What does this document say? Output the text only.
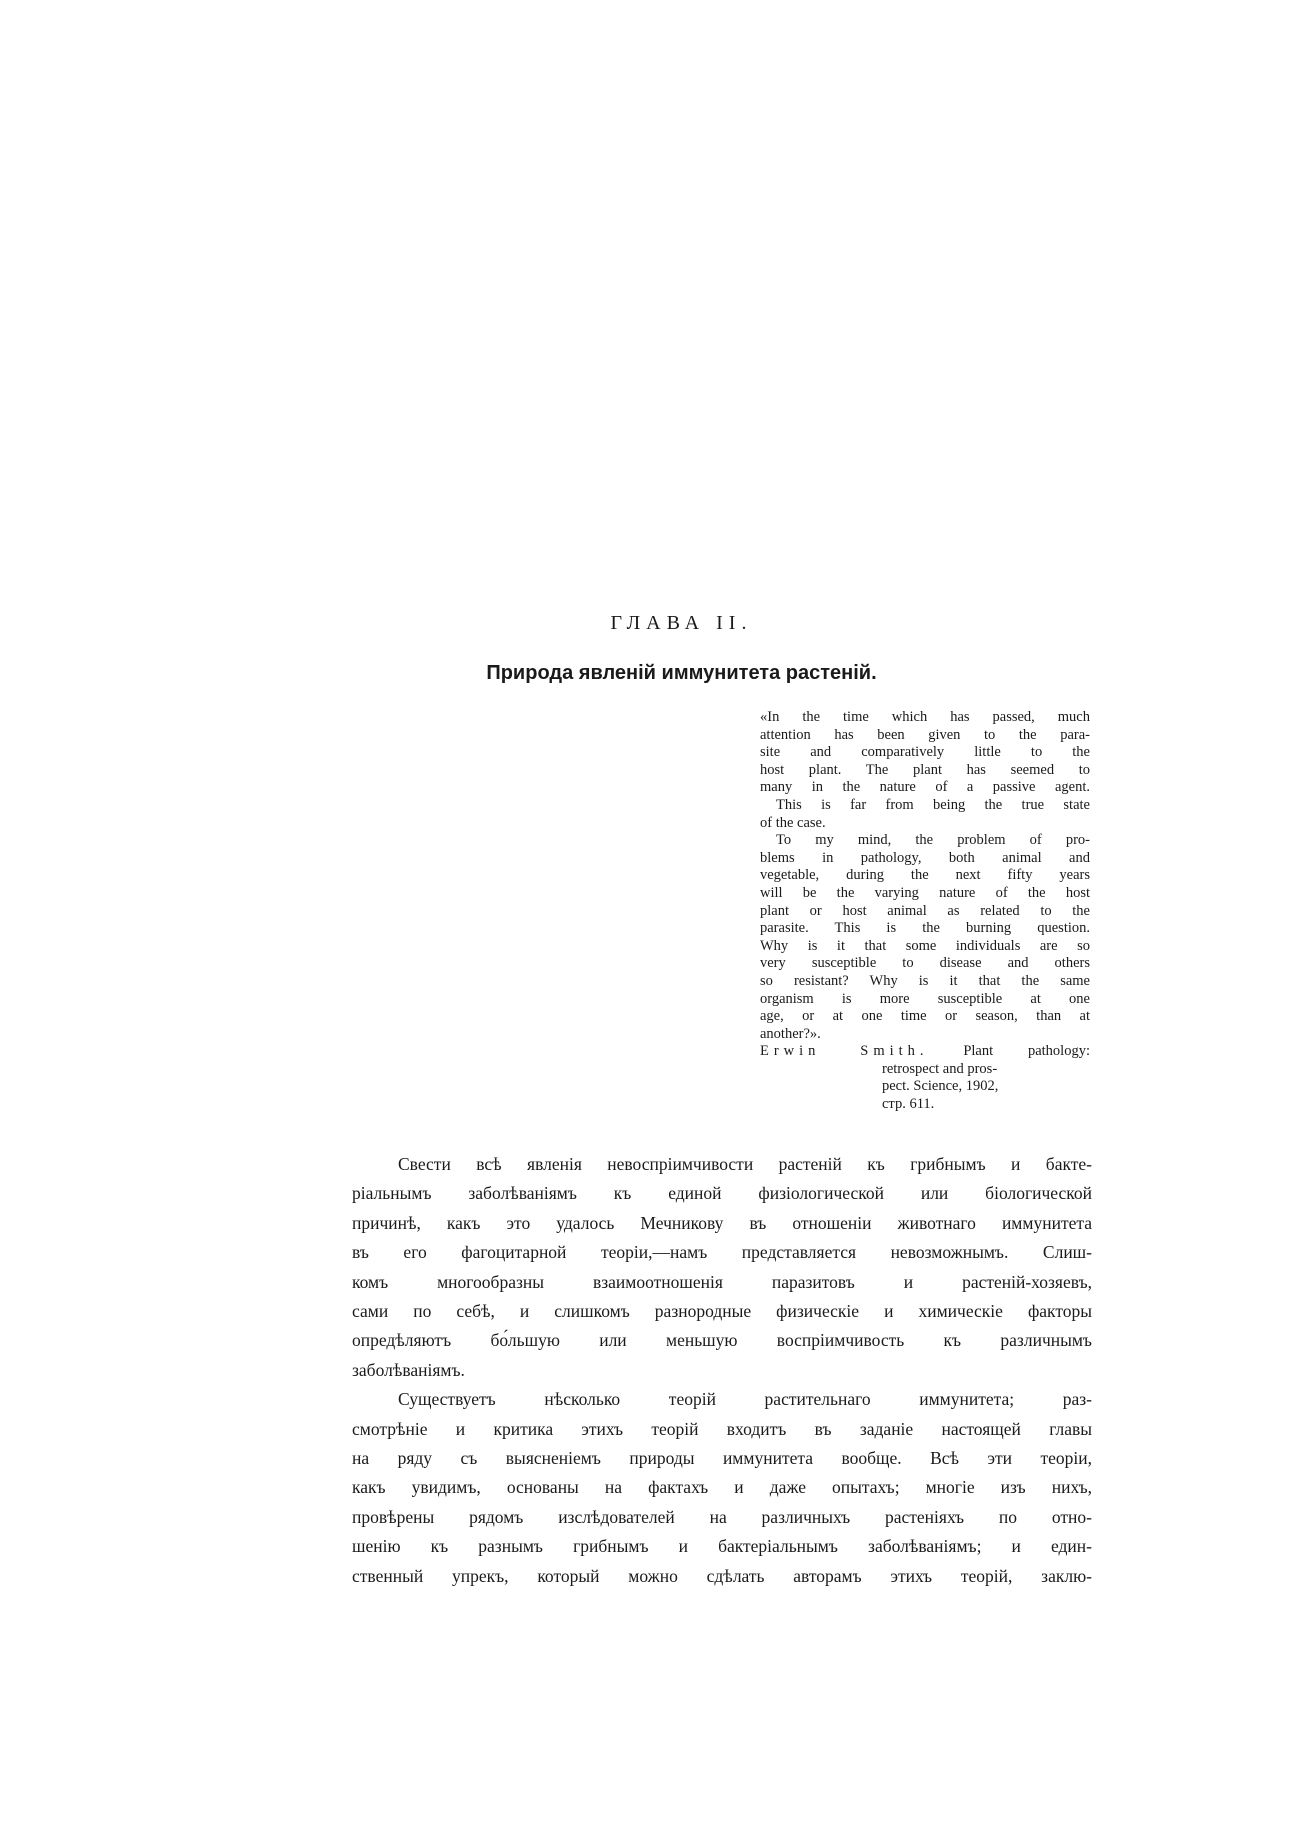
ГЛАВА II.
Природа явленій иммунитета растеній.
«In the time which has passed, much
attention has been given to the para-
site and comparatively little to the
host plant. The plant has seemed to
many in the nature of a passive agent.
This is far from being the true state
of the case.
To my mind, the problem of pro-
blems in pathology, both animal and
vegetable, during the next fifty years
will be the varying nature of the host
plant or host animal as related to the
parasite. This is the burning question.
Why is it that some individuals are so
very susceptible to disease and others
so resistant? Why is it that the same
organism is more susceptible at one
age, or at one time or season, than at
another?».
Erwin Smith. Plant pathology:
retrospect and pros-
pect. Science, 1902,
стр. 611.
Свести всѣ явленія невоспріимчивости растеній къ грибнымъ и бакте-
ріальнымъ заболѣваніямъ къ единой физіологической или біологической
причинѣ, какъ это удалось Мечникову въ отношеніи животнаго иммунитета
въ его фагоцитарной теоріи,—намъ представляется невозможнымъ. Слиш-
комъ многообразны взаимоотношенія паразитовъ и растеній-хозяевъ,
сами по себѣ, и слишкомъ разнородные физическіе и химическіе факторы
опредѣляютъ бо́льшую или меньшую воспріимчивость къ различнымъ
заболѣваніямъ.
Существуетъ нѣсколько теорій растительнаго иммунитета; раз-
смотрѣніе и критика этихъ теорій входитъ въ заданіе настоящей главы
на ряду съ выясненіемъ природы иммунитета вообще. Всѣ эти теоріи,
какъ увидимъ, основаны на фактахъ и даже опытахъ; многіе изъ нихъ,
провѣрены рядомъ изслѣдователей на различныхъ растеніяхъ по отно-
шенію къ разнымъ грибнымъ и бактеріальнымъ заболѣваніямъ; и един-
ственный упрекъ, который можно сдѣлать авторамъ этихъ теорій, заклю-
